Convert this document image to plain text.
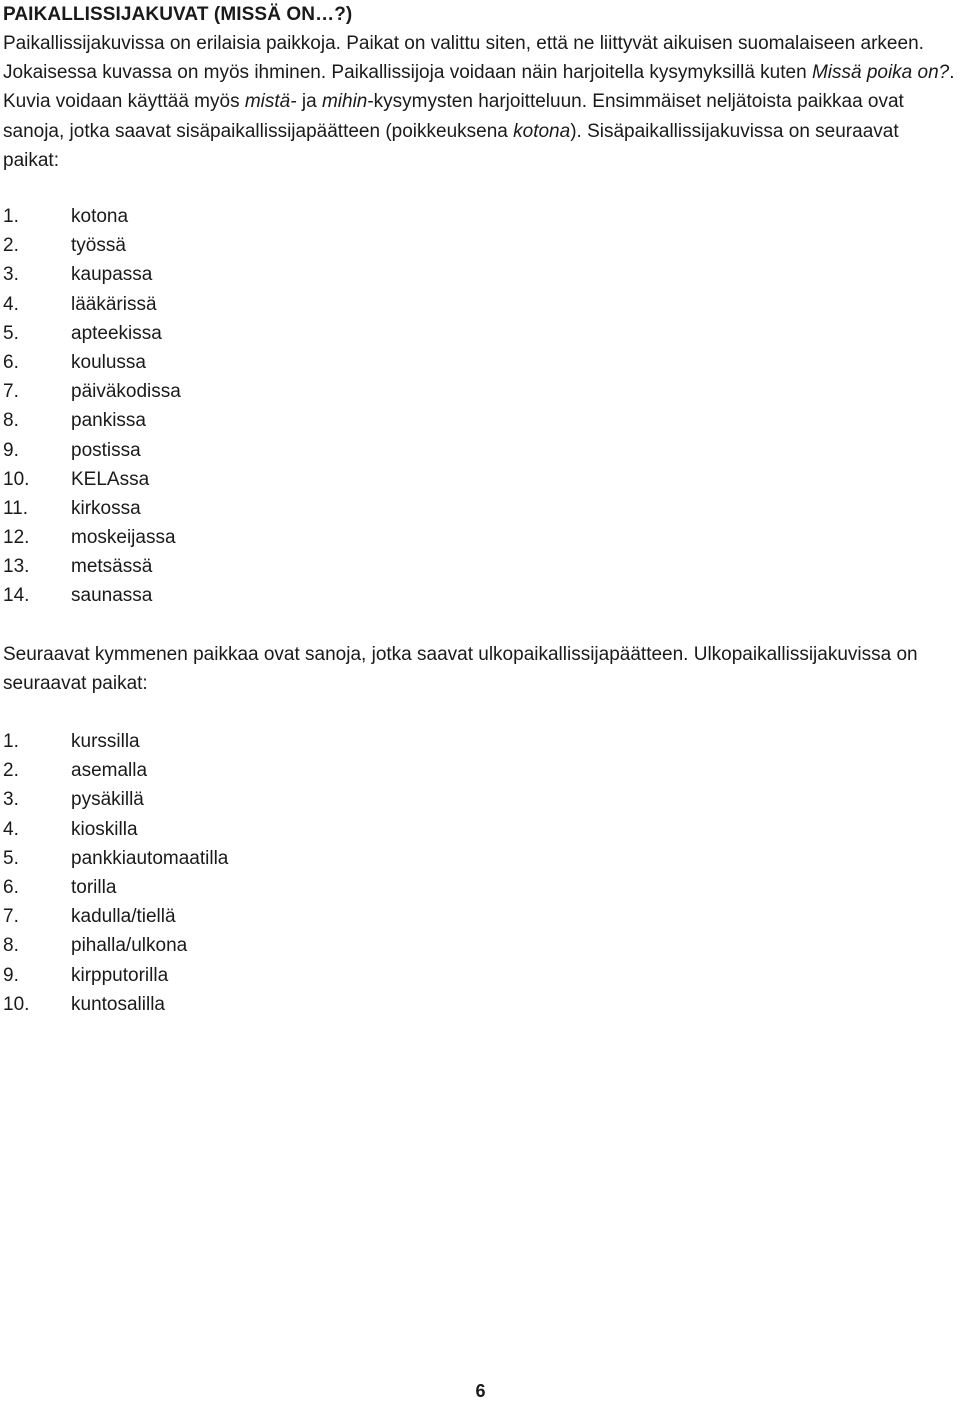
PAIKALLISSIJAKUVAT (MISSÄ ON…?)

Paikallissijakuvissa on erilaisia paikkoja. Paikat on valittu siten, että ne liittyvät aikuisen suomalaiseen arkeen. Jokaisessa kuvassa on myös ihminen. Paikallissijoja voidaan näin harjoitella kysymyksillä kuten Missä poika on?. Kuvia voidaan käyttää myös mistä- ja mihin-kysymysten harjoitteluun. Ensimmäiset neljätoista paikkaa ovat sanoja, jotka saavat sisäpaikallissijapäätteen (poikkeuksena kotona). Sisäpaikallissijakuvissa on seuraavat paikat:

1.	kotona
2.	työssä
3.	kaupassa
4.	lääkärissä
5.	apteekissa
6.	koulussa
7.	päiväkodissa
8.	pankissa
9.	postissa
10. KELAssa
11. kirkossa
12. moskeijassa
13. metsässä
14. saunassa

Seuraavat kymmenen paikkaa ovat sanoja, jotka saavat ulkopaikallissijapäätteen. Ulkopaikallissijakuvissa on seuraavat paikat:

1.	kurssilla
2.	asemalla
3.	pysäkillä
4.	kioskilla
5.	pankkiautomaatilla
6.	torilla
7.	kadulla/tiellä
8.	pihalla/ulkona
9.	kirpputorilla
10. kuntosalilla
6
